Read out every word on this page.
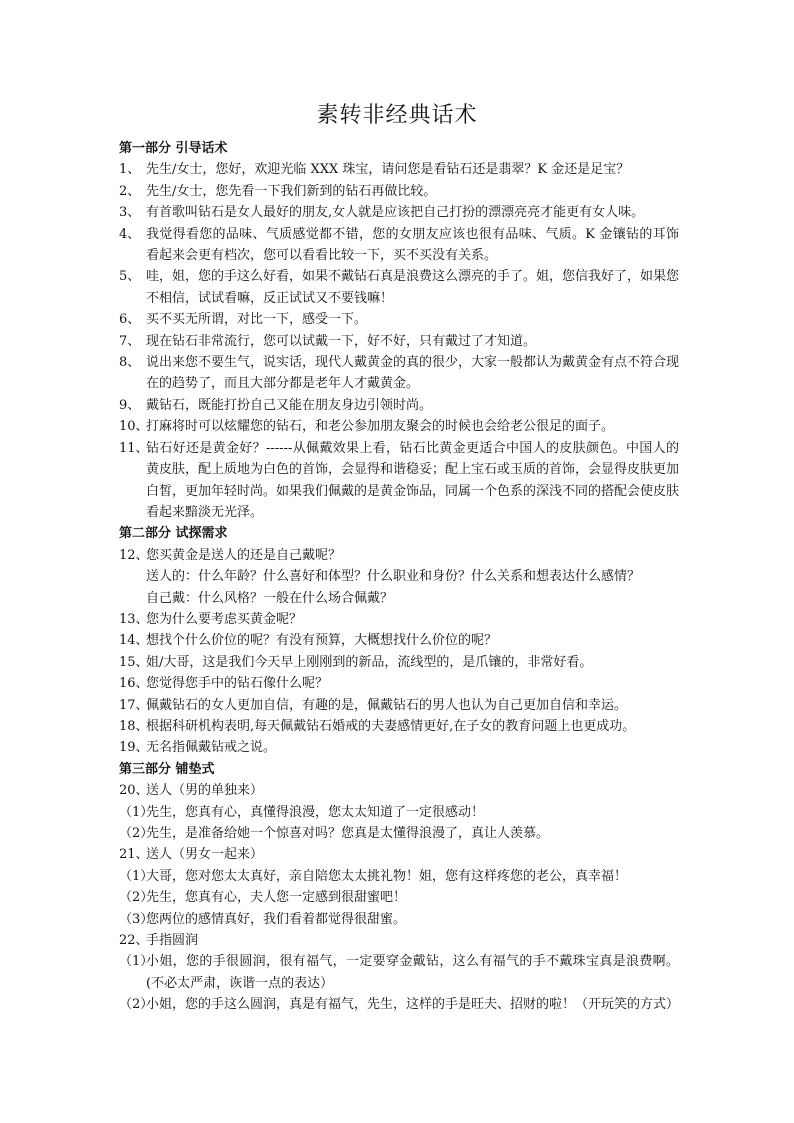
素转非经典话术
第一部分 引导话术
1、 先生/女士，您好，欢迎光临 XXX 珠宝，请问您是看钻石还是翡翠？K 金还是足宝？
2、 先生/女士，您先看一下我们新到的钻石再做比较。
3、 有首歌叫钻石是女人最好的朋友,女人就是应该把自己打扮的漂漂亮亮才能更有女人味。
4、 我觉得看您的品味、气质感觉都不错，您的女朋友应该也很有品味、气质。K 金镶钻的耳饰看起来会更有档次，您可以看看比较一下，买不买没有关系。
5、 哇，姐，您的手这么好看，如果不戴钻石真是浪费这么漂亮的手了。姐，您信我好了，如果您不相信，试试看嘛，反正试试又不要钱嘛！
6、 买不买无所谓，对比一下，感受一下。
7、 现在钻石非常流行，您可以试戴一下，好不好，只有戴过了才知道。
8、 说出来您不要生气，说实话，现代人戴黄金的真的很少，大家一般都认为戴黄金有点不符合现在的趋势了，而且大部分都是老年人才戴黄金。
9、 戴钻石，既能打扮自己又能在朋友身边引领时尚。
10、
打麻将时可以炫耀您的钻石，和老公参加朋友聚会的时候也会给老公很足的面子。
11、
钻石好还是黄金好？------从佩戴效果上看，钻石比黄金更适合中国人的皮肤颜色。中国人的黄皮肤，配上质地为白色的首饰，会显得和谐稳妥；配上宝石或玉质的首饰，会显得皮肤更加白皙，更加年轻时尚。如果我们佩戴的是黄金饰品，同属一个色系的深浅不同的搭配会使皮肤看起来黯淡无光泽。
第二部分 试探需求
12、
您买黄金是送人的还是自己戴呢？
送人的：什么年龄？什么喜好和体型？什么职业和身份？什么关系和想表达什么感情？
自己戴：什么风格？一般在什么场合佩戴？
13、
您为什么要考虑买黄金呢？
14、
想找个什么价位的呢？有没有预算，大概想找什么价位的呢？
15、
姐/大哥，这是我们今天早上刚刚到的新品，流线型的，是爪镶的，非常好看。
16、
您觉得您手中的钻石像什么呢？
17、
佩戴钻石的女人更加自信，有趣的是，佩戴钻石的男人也认为自己更加自信和幸运。
18、
根据科研机构表明,每天佩戴钻石婚戒的夫妻感情更好,在子女的教育问题上也更成功。
19、
无名指佩戴钻戒之说。
第三部分 铺垫式
20、
送人（男的单独来）
（1）
先生，您真有心，真懂得浪漫，您太太知道了一定很感动！
（2）
先生，是准备给她一个惊喜对吗？您真是太懂得浪漫了，真让人羡慕。
21、
送人（男女一起来）
（1）
大哥，您对您太太真好，亲自陪您太太挑礼物！姐，您有这样疼您的老公，真幸福！
（2）
先生，您真有心，夫人您一定感到很甜蜜吧！
（3）
您两位的感情真好，我们看着都觉得很甜蜜。
22、
手指圆润
（1）
小姐，您的手很圆润，很有福气，一定要穿金戴钻，这么有福气的手不戴珠宝真是浪费啊。(不必太严肃，诙谐一点的表达）
（2）
小姐，您的手这么圆润，真是有福气，先生，这样的手是旺夫、招财的啦！（开玩笑的方式）
